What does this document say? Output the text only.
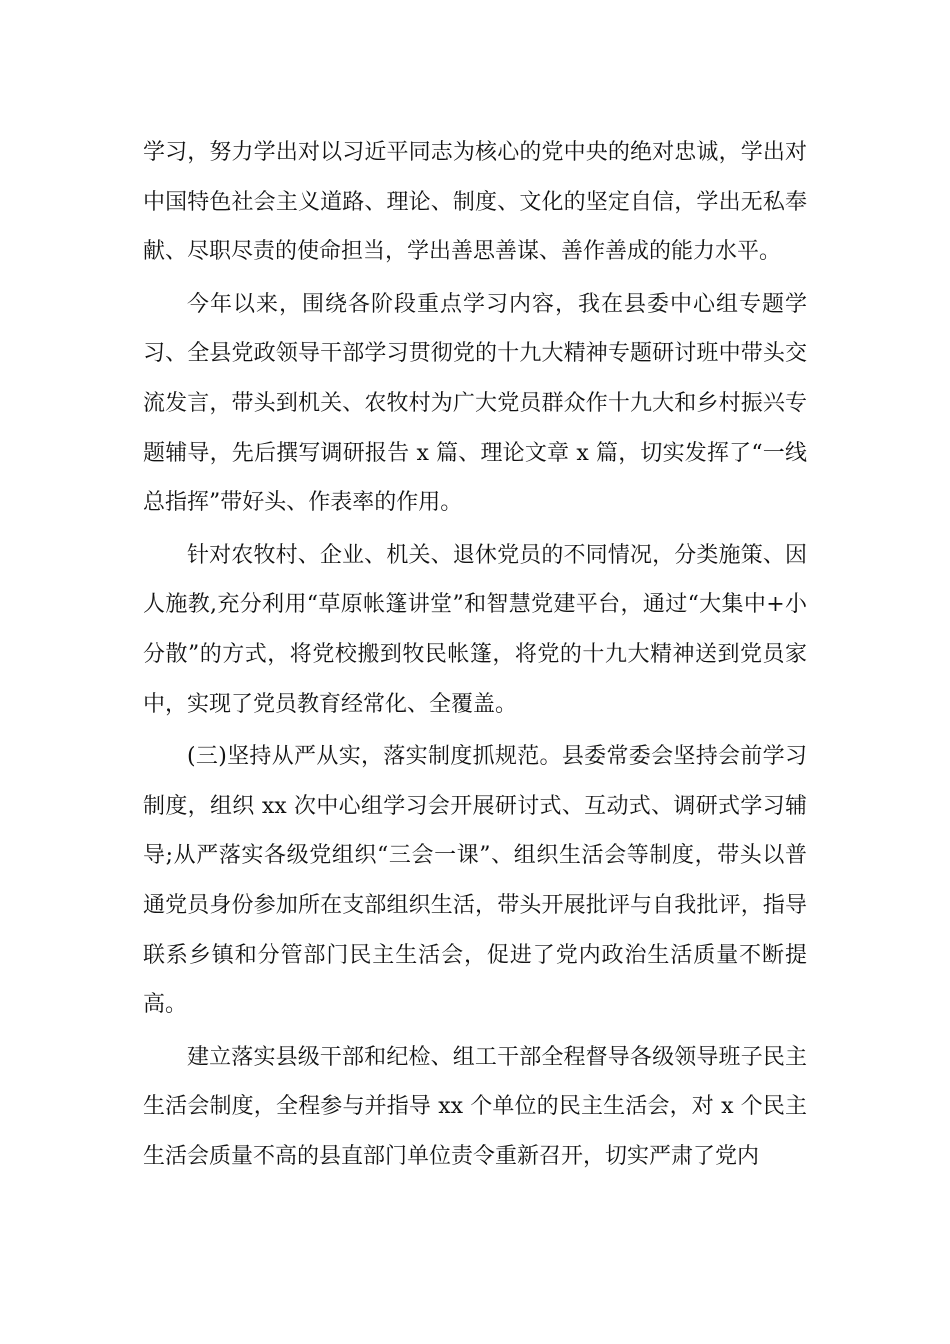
学习，努力学出对以习近平同志为核心的党中央的绝对忠诚，学出对中国特色社会主义道路、理论、制度、文化的坚定自信，学出无私奉献、尽职尽责的使命担当，学出善思善谋、善作善成的能力水平。

今年以来，围绕各阶段重点学习内容，我在县委中心组专题学习、全县党政领导干部学习贯彻党的十九大精神专题研讨班中带头交流发言，带头到机关、农牧村为广大党员群众作十九大和乡村振兴专题辅导，先后撰写调研报告 x 篇、理论文章 x 篇，切实发挥了“一线总指挥”带好头、作表率的作用。

针对农牧村、企业、机关、退休党员的不同情况，分类施策、因人施教,充分利用“草原帐篷讲堂”和智慧党建平台，通过“大集中+小分散”的方式，将党校搬到牧民帐篷，将党的十九大精神送到党员家中，实现了党员教育经常化、全覆盖。

(三)坚持从严从实，落实制度抓规范。县委常委会坚持会前学习制度，组织 xx 次中心组学习会开展研讨式、互动式、调研式学习辅导;从严落实各级党组织“三会一课”、组织生活会等制度，带头以普通党员身份参加所在支部组织生活，带头开展批评与自我批评，指导联系乡镇和分管部门民主生活会，促进了党内政治生活质量不断提高。

建立落实县级干部和纪检、组工干部全程督导各级领导班子民主生活会制度，全程参与并指导 xx 个单位的民主生活会，对 x 个民主生活会质量不高的县直部门单位责令重新召开，切实严肃了党内
